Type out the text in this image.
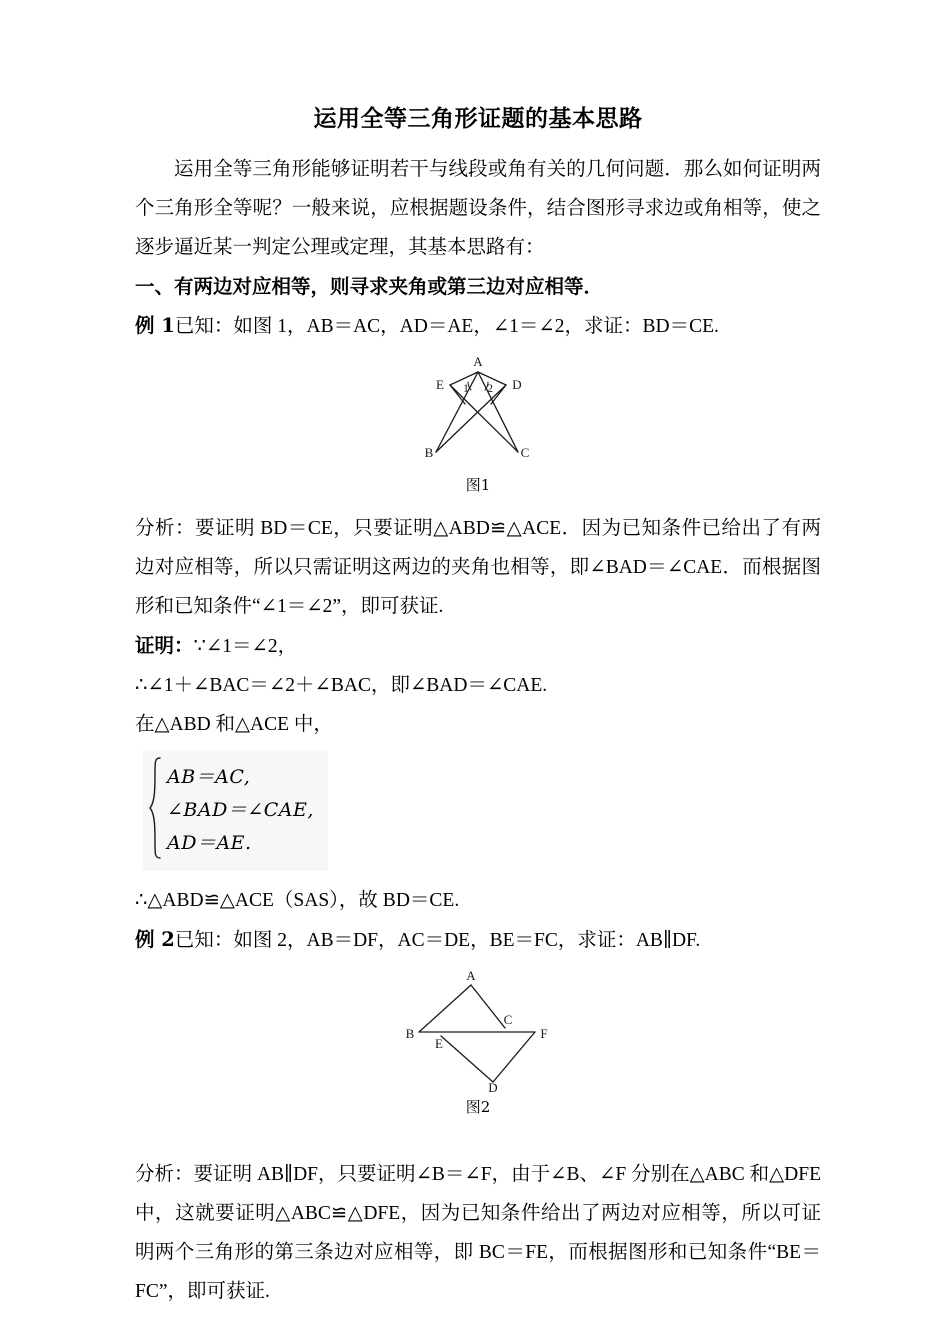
运用全等三角形证题的基本思路

运用全等三角形能够证明若干与线段或角有关的几何问题．那么如何证明两个三角形全等呢？一般来说，应根据题设条件，结合图形寻求边或角相等，使之逐步逼近某一判定公理或定理，其基本思路有：

一、有两边对应相等，则寻求夹角或第三边对应相等．

例 1已知：如图 1，AB＝AC，AD＝AE，∠1＝∠2，求证：BD＝CE.

A
E	D
B	C
1 2
图1

分析：要证明 BD＝CE，只要证明△ABD≌△ACE．因为已知条件已给出了有两边对应相等，所以只需证明这两边的夹角也相等，即∠BAD＝∠CAE．而根据图形和已知条件“∠1＝∠2”，即可获证.

证明：∵∠1＝∠2，

∴∠1＋∠BAC＝∠2＋∠BAC，即∠BAD＝∠CAE.

在△ABD 和△ACE 中，

AB＝AC,
∠BAD＝∠CAE,
AD＝AE.

∴△ABD≌△ACE（SAS），故 BD＝CE.

例 2已知：如图 2，AB＝DF，AC＝DE，BE＝FC，求证：AB∥DF.

A
B
C
D
E
F
图2

分析：要证明 AB∥DF，只要证明∠B＝∠F，由于∠B、∠F 分别在△ABC 和△DFE 中，这就要证明△ABC≌△DFE，因为已知条件给出了两边对应相等，所以可证明两个三角形的第三条边对应相等，即 BC＝FE，而根据图形和已知条件“BE＝FC”，即可获证.
